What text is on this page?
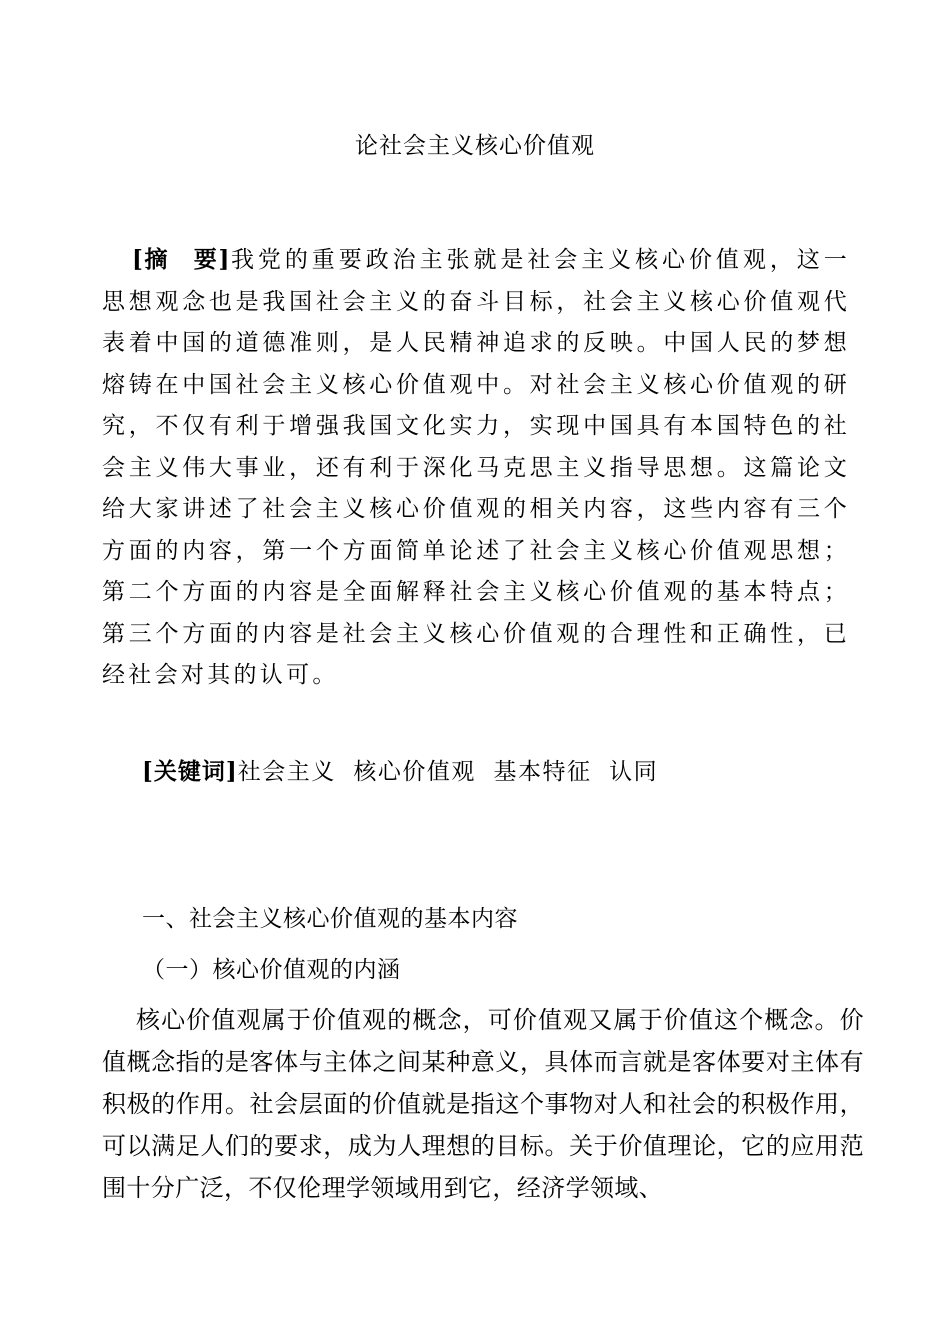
论社会主义核心价值观

[摘　要]我党的重要政治主张就是社会主义核心价值观，这一思想观念也是我国社会主义的奋斗目标，社会主义核心价值观代表着中国的道德准则，是人民精神追求的反映。中国人民的梦想熔铸在中国社会主义核心价值观中。对社会主义核心价值观的研究，不仅有利于增强我国文化实力，实现中国具有本国特色的社会主义伟大事业，还有利于深化马克思主义指导思想。这篇论文给大家讲述了社会主义核心价值观的相关内容，这些内容有三个方面的内容，第一个方面简单论述了社会主义核心价值观思想；第二个方面的内容是全面解释社会主义核心价值观的基本特点；第三个方面的内容是社会主义核心价值观的合理性和正确性，已经社会对其的认可。

[关键词]社会主义  核心价值观  基本特征  认同
一、社会主义核心价值观的基本内容
（一）核心价值观的内涵

核心价值观属于价值观的概念，可价值观又属于价值这个概念。价值概念指的是客体与主体之间某种意义，具体而言就是客体要对主体有积极的作用。社会层面的价值就是指这个事物对人和社会的积极作用，可以满足人们的要求，成为人理想的目标。关于价值理论，它的应用范围十分广泛，不仅伦理学领域用到它，经济学领域、
